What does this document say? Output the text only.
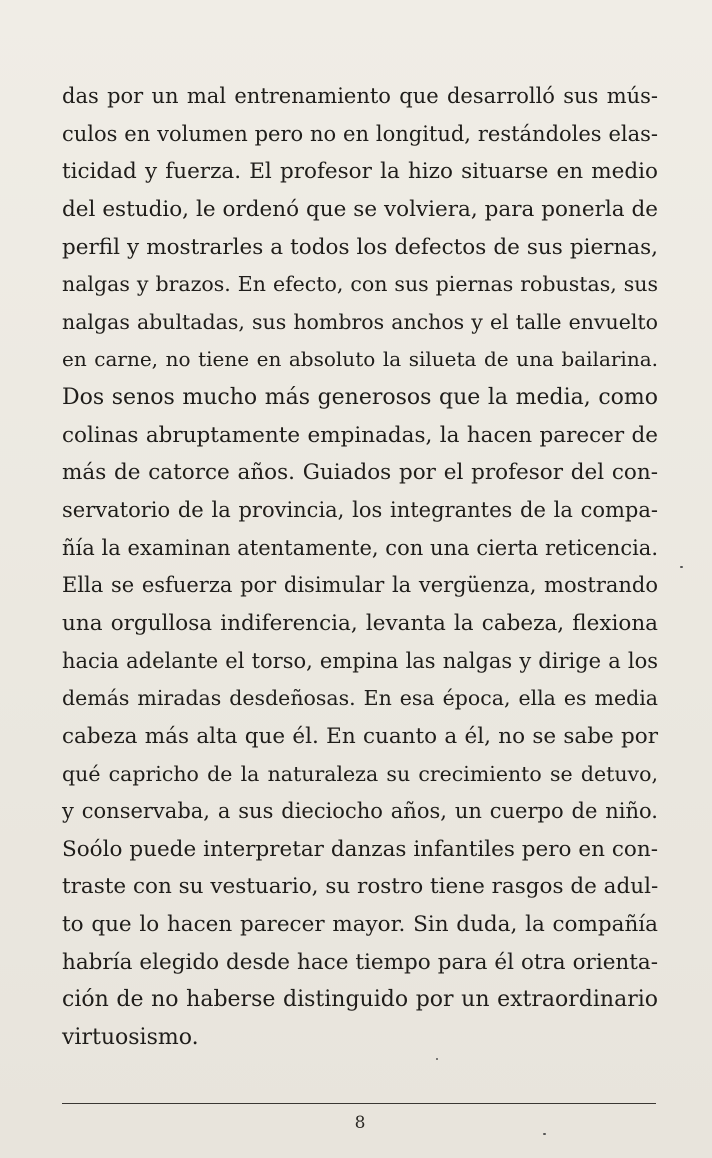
das por un mal entrenamiento que desarrolló sus mús-
culos en volumen pero no en longitud, restándoles elas-
ticidad y fuerza. El profesor la hizo situarse en medio
del estudio, le ordenó que se volviera, para ponerla de
perfil y mostrarles a todos los defectos de sus piernas,
nalgas y brazos. En efecto, con sus piernas robustas, sus
nalgas abultadas, sus hombros anchos y el talle envuelto
en carne, no tiene en absoluto la silueta de una bailarina.
Dos senos mucho más generosos que la media, como
colinas abruptamente empinadas, la hacen parecer de
más de catorce años. Guiados por el profesor del con-
servatorio de la provincia, los integrantes de la compa-
ñía la examinan atentamente, con una cierta reticencia.
Ella se esfuerza por disimular la vergüenza, mostrando
una orgullosa indiferencia, levanta la cabeza, flexiona
hacia adelante el torso, empina las nalgas y dirige a los
demás miradas desdeñosas. En esa época, ella es media
cabeza más alta que él. En cuanto a él, no se sabe por
qué capricho de la naturaleza su crecimiento se detuvo,
y conservaba, a sus dieciocho años, un cuerpo de niño.
Soólo puede interpretar danzas infantiles pero en con-
traste con su vestuario, su rostro tiene rasgos de adul-
to que lo hacen parecer mayor. Sin duda, la compañía
habría elegido desde hace tiempo para él otra orienta-
ción de no haberse distinguido por un extraordinario
virtuosismo.
8
